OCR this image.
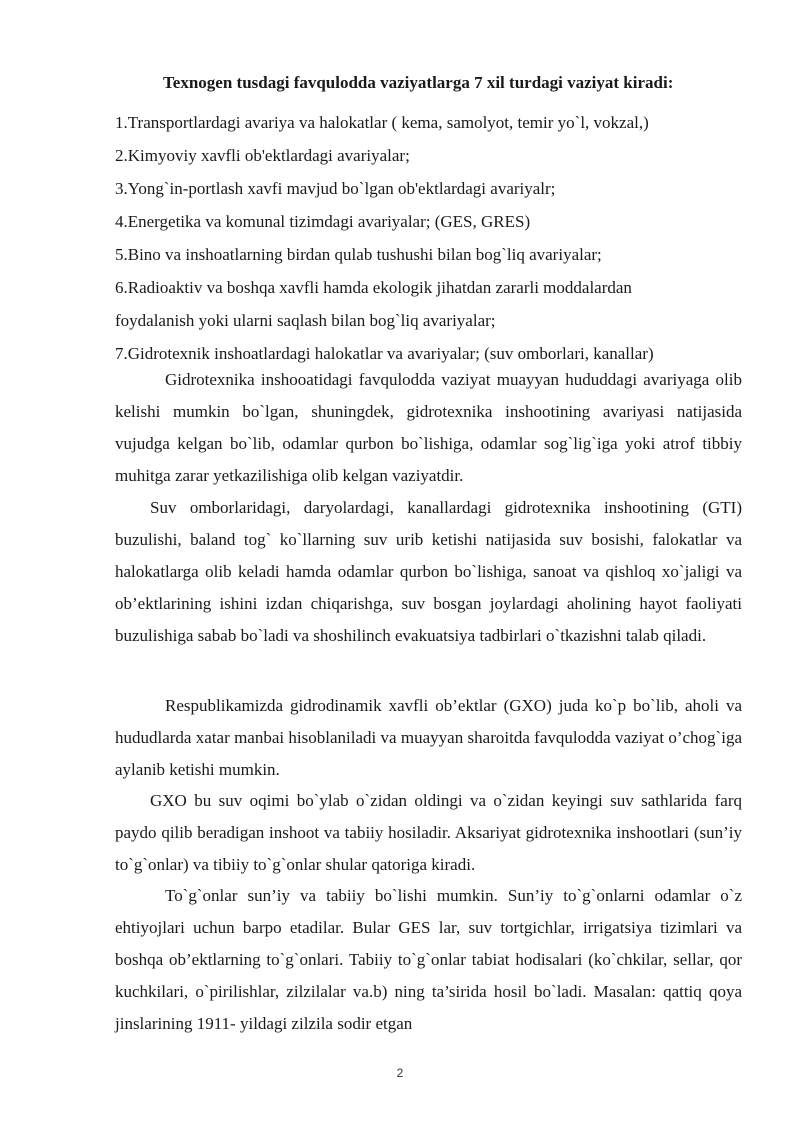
Texnogen tusdagi favqulodda vaziyatlarga 7 xil turdagi vaziyat kiradi:
1.Transportlardagi avariya va halokatlar ( kema, samolyot, temir yo`l, vokzal,)
2.Kimyoviy xavfli ob'ektlardagi avariyalar;
3.Yong`in-portlash xavfi mavjud bo`lgan ob'ektlardagi avariyalr;
4.Energetika va komunal tizimdagi avariyalar; (GES, GRES)
5.Bino va inshoatlarning birdan qulab tushushi bilan bog`liq avariyalar;
6.Radioaktiv va boshqa xavfli hamda ekologik jihatdan zararli moddalardan foydalanish yoki ularni saqlash bilan bog`liq avariyalar;
7.Gidrotexnik inshoatlardagi halokatlar va avariyalar; (suv omborlari, kanallar)

Gidrotexnika inshooatidagi favqulodda vaziyat muayyan hududdagi avariyaga olib kelishi mumkin bo`lgan, shuningdek, gidrotexnika inshootining avariyasi natijasida vujudga kelgan bo`lib, odamlar qurbon bo`lishiga, odamlar sog`lig`iga yoki atrof tibbiy muhitga zarar yetkazilishiga olib kelgan vaziyatdir.

Suv omborlaridagi, daryolardagi, kanallardagi gidrotexnika inshootining (GTI) buzulishi, baland tog` ko`llarning suv urib ketishi natijasida suv bosishi, falokatlar va halokatlarga olib keladi hamda odamlar qurbon bo`lishiga, sanoat va qishloq xo`jaligi va ob’ektlarining ishini izdan chiqarishga, suv bosgan joylardagi aholining hayot faoliyati buzulishiga sabab bo`ladi va shoshilinch evakuatsiya tadbirlari o`tkazishni talab qiladi.

Respublikamizda gidrodinamik xavfli ob’ektlar (GXO) juda ko`p bo`lib, aholi va hududlarda xatar manbai hisoblaniladi va muayyan sharoitda favqulodda vaziyat o’chog`iga aylanib ketishi mumkin.

GXO bu suv oqimi bo`ylab o`zidan oldingi va o`zidan keyingi suv sathlarida farq paydo qilib beradigan inshoot va tabiiy hosiladir. Aksariyat gidrotexnika inshootlari (sun’iy to`g`onlar) va tibiiy to`g`onlar shular qatoriga kiradi.

To`g`onlar sun’iy va tabiiy bo`lishi mumkin. Sun’iy to`g`onlarni odamlar o`z ehtiyojlari uchun barpo etadilar. Bular GES lar, suv tortgichlar, irrigatsiya tizimlari va boshqa ob’ektlarning to`g`onlari. Tabiiy to`g`onlar tabiat hodisalari (ko`chkilar, sellar, qor kuchkilari, o`pirilishlar, zilzilalar va.b) ning ta’sirida hosil bo`ladi. Masalan: qattiq qoya jinslarining 1911- yildagi zilzila sodir etgan

2
